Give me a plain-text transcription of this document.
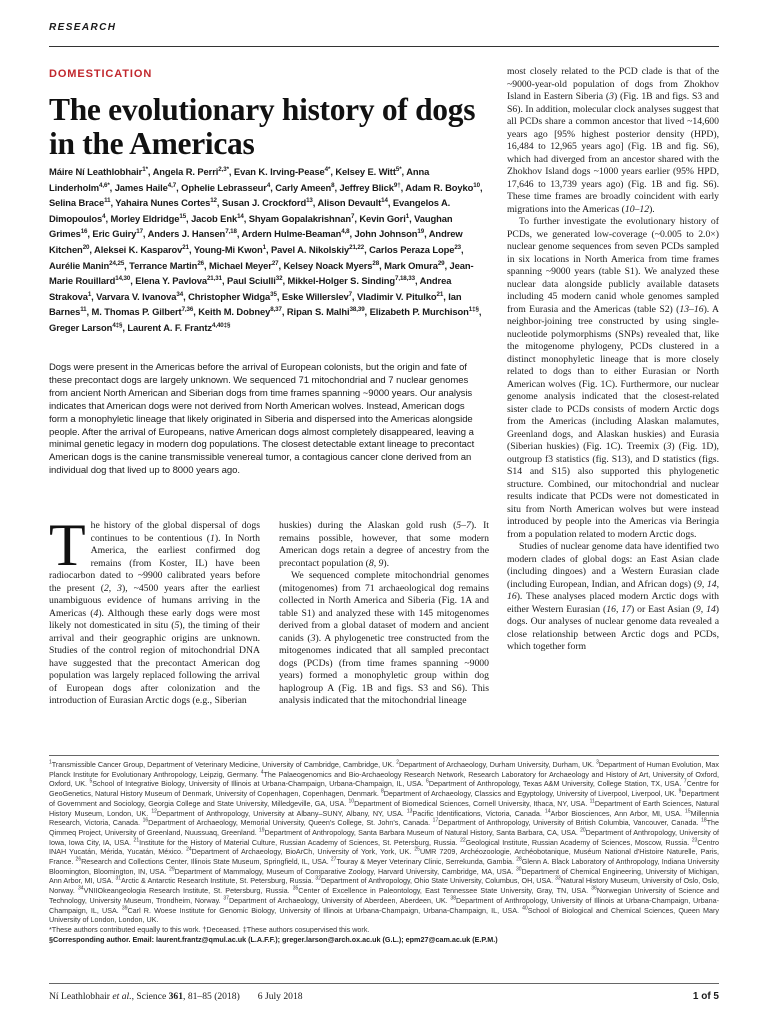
RESEARCH
DOMESTICATION
The evolutionary history of dogs in the Americas
Máire Ní Leathlobhair$^{1*}$, Angela R. Perri$^{2,3*}$, Evan K. Irving-Pease$^{4*}$, Kelsey E. Witt$^{5*}$, Anna Linderholm$^{4,6*}$, James Haile$^{4,7}$, Ophelie Lebrasseur$^4$, Carly Ameen$^8$, Jeffrey Blick$^{9\dagger}$, Adam R. Boyko$^{10}$, Selina Brace$^{11}$, Yahaira Nunes Cortes$^{12}$, Susan J. Crockford$^{13}$, Alison Devault$^{14}$, Evangelos A. Dimopoulos$^4$, Morley Eldridge$^{15}$, Jacob Enk$^{14}$, Shyam Gopalakrishnan$^7$, Kevin Gori$^1$, Vaughan Grimes$^{16}$, Eric Guiry$^{17}$, Anders J. Hansen$^{7,18}$, Ardern Hulme-Beaman$^{4,8}$, John Johnson$^{19}$, Andrew Kitchen$^{20}$, Aleksei K. Kasparov$^{21}$, Young-Mi Kwon$^1$, Pavel A. Nikolskiy$^{21,22}$, Carlos Peraza Lope$^{23}$, Aurélie Manin$^{24,25}$, Terrance Martin$^{26}$, Michael Meyer$^{27}$, Kelsey Noack Myers$^{28}$, Mark Omura$^{29}$, Jean-Marie Rouillard$^{14,30}$, Elena Y. Pavlova$^{21,31}$, Paul Sciulli$^{32}$, Mikkel-Holger S. Sinding$^{7,18,33}$, Andrea Strakova$^1$, Varvara V. Ivanova$^{34}$, Christopher Widga$^{35}$, Eske Willerslev$^7$, Vladimir V. Pitulko$^{21}$, Ian Barnes$^{11}$, M. Thomas P. Gilbert$^{7,36}$, Keith M. Dobney$^{8,37}$, Ripan S. Malhi$^{38,39}$, Elizabeth P. Murchison$^{1\ddagger\S}$, Greger Larson$^{4\ddagger\S}$, Laurent A. F. Frantz$^{4,40\ddagger\S}$

Dogs were present in the Americas before the arrival of European colonists, but the origin and fate of these precontact dogs are largely unknown. We sequenced 71 mitochondrial and 7 nuclear genomes from ancient North American and Siberian dogs from time frames spanning ~9000 years. Our analysis indicates that American dogs were not derived from North American wolves. Instead, American dogs form a monophyletic lineage that likely originated in Siberia and dispersed into the Americas alongside people. After the arrival of Europeans, native American dogs almost completely disappeared, leaving a minimal genetic legacy in modern dog populations. The closest detectable extant lineage to precontact American dogs is the canine transmissible venereal tumor, a contagious cancer clone derived from an individual dog that lived up to 8000 years ago.

The history of the global dispersal of dogs continues to be contentious (1). In North America, the earliest confirmed dog remains (from Koster, IL) have been radiocarbon dated to ~9900 calibrated years before the present (2, 3), ~4500 years after the earliest unambiguous evidence of humans arriving in the Americas (4). Although these early dogs were most likely not domesticated in situ (5), the timing of their arrival and their geographic origins are unknown. Studies of the control region of mitochondrial DNA have suggested that the precontact American dog population was largely replaced following the arrival of European dogs after colonization and the introduction of Eurasian Arctic dogs (e.g., Siberian

huskies) during the Alaskan gold rush (5–7). It remains possible, however, that some modern American dogs retain a degree of ancestry from the precontact population (8, 9).

We sequenced complete mitochondrial genomes (mitogenomes) from 71 archaeological dog remains collected in North America and Siberia (Fig. 1A and table S1) and analyzed these with 145 mitogenomes derived from a global dataset of modern and ancient canids (3). A phylogenetic tree constructed from the mitogenomes indicated that all sampled precontact dogs (PCDs) (from time frames spanning ~9000 years) formed a monophyletic group within dog haplogroup A (Fig. 1B and figs. S3 and S6). This analysis indicated that the mitochondrial lineage

most closely related to the PCD clade is that of the ~9000-year-old population of dogs from Zhokhov Island in Eastern Siberia (3) (Fig. 1B and figs. S3 and S6). In addition, molecular clock analyses suggest that all PCDs share a common ancestor that lived ~14,600 years ago [95% highest posterior density (HPD), 16,484 to 12,965 years ago] (Fig. 1B and fig. S6), which had diverged from an ancestor shared with the Zhokhov Island dogs ~1000 years earlier (95% HPD, 17,646 to 13,739 years ago) (Fig. 1B and fig. S6). These time frames are broadly coincident with early migrations into the Americas (10–12).

To further investigate the evolutionary history of PCDs, we generated low-coverage (~0.005 to 2.0×) nuclear genome sequences from seven PCDs sampled in six locations in North America from time frames spanning ~9000 years (table S1). We analyzed these nuclear data alongside publicly available datasets including 45 modern canid whole genomes sampled from Eurasia and the Americas (table S2) (13–16). A neighbor-joining tree constructed by using single-nucleotide polymorphisms (SNPs) revealed that, like the mitogenome phylogeny, PCDs clustered in a distinct monophyletic lineage that is more closely related to dogs than to either Eurasian or North American wolves (Fig. 1C). Furthermore, our nuclear genome analysis indicated that the closest-related sister clade to PCDs consists of modern Arctic dogs from the Americas (including Alaskan malamutes, Greenland dogs, and Alaskan huskies) and Eurasia (Siberian huskies) (Fig. 1C). Treemix (3) (Fig. 1D), outgroup f3 statistics (fig. S13), and D statistics (figs. S14 and S15) also supported this phylogenetic structure. Combined, our mitochondrial and nuclear results indicate that PCDs were not domesticated in situ from North American wolves but were instead introduced by people into the Americas via Beringia from a population related to modern Arctic dogs.

Studies of nuclear genome data have identified two modern clades of global dogs: an East Asian clade (including dingoes) and a Western Eurasian clade (including European, Indian, and African dogs) (9, 14, 16). These analyses placed modern Arctic dogs with either Western Eurasian (16, 17) or East Asian (9, 14) dogs. Our analyses of nuclear genome data revealed a close relationship between Arctic dogs and PCDs, which together form

$^1$Transmissible Cancer Group, Department of Veterinary Medicine, University of Cambridge, Cambridge, UK. $^2$Department of Archaeology, Durham University, Durham, UK. $^3$Department of Human Evolution, Max Planck Institute for Evolutionary Anthropology, Leipzig, Germany. $^4$The Palaeogenomics and Bio-Archaeology Research Network, Research Laboratory for Archaeology and History of Art, University of Oxford, Oxford, UK. $^5$School of Integrative Biology, University of Illinois at Urbana-Champaign, Urbana-Champaign, IL, USA. $^6$Department of Anthropology, Texas A&M University, College Station, TX, USA. $^7$Centre for GeoGenetics, Natural History Museum of Denmark, University of Copenhagen, Copenhagen, Denmark. $^8$Department of Archaeology, Classics and Egyptology, University of Liverpool, Liverpool, UK. $^9$Department of Government and Sociology, Georgia College and State University, Milledgeville, GA, USA. $^{10}$Department of Biomedical Sciences, Cornell University, Ithaca, NY, USA. $^{11}$Department of Earth Sciences, Natural History Museum, London, UK. $^{12}$Department of Anthropology, University at Albany–SUNY, Albany, NY, USA. $^{13}$Pacific Identifications, Victoria, Canada. $^{14}$Arbor Biosciences, Ann Arbor, MI, USA. $^{15}$Millennia Research, Victoria, Canada. $^{16}$Department of Archaeology, Memorial University, Queen's College, St. John's, Canada. $^{17}$Department of Anthropology, University of British Columbia, Vancouver, Canada. $^{18}$The Qimmeq Project, University of Greenland, Nuussuaq, Greenland. $^{19}$Department of Anthropology, Santa Barbara Museum of Natural History, Santa Barbara, CA, USA. $^{20}$Department of Anthropology, University of Iowa, Iowa City, IA, USA. $^{21}$Institute for the History of Material Culture, Russian Academy of Sciences, St. Petersburg, Russia. $^{22}$Geological Institute, Russian Academy of Sciences, Moscow, Russia. $^{23}$Centro INAH Yucatán, Mérida, Yucatán, México. $^{24}$Department of Archaeology, BioArCh, University of York, York, UK. $^{25}$UMR 7209, Archéozoologie, Archéobotanique, Muséum National d'Histoire Naturelle, Paris, France. $^{26}$Research and Collections Center, Illinois State Museum, Springfield, IL, USA. $^{27}$Touray & Meyer Veterinary Clinic, Serrekunda, Gambia. $^{28}$Glenn A. Black Laboratory of Anthropology, Indiana University Bloomington, Bloomington, IN, USA. $^{29}$Department of Mammalogy, Museum of Comparative Zoology, Harvard University, Cambridge, MA, USA. $^{30}$Department of Chemical Engineering, University of Michigan, Ann Arbor, MI, USA. $^{31}$Arctic & Antarctic Research Institute, St. Petersburg, Russia. $^{32}$Department of Anthropology, Ohio State University, Columbus, OH, USA. $^{33}$Natural History Museum, University of Oslo, Oslo, Norway. $^{34}$VNIIOkeangeologia Research Institute, St. Petersburg, Russia. $^{35}$Center of Excellence in Paleontology, East Tennessee State University, Gray, TN, USA. $^{36}$Norwegian University of Science and Technology, University Museum, Trondheim, Norway. $^{37}$Department of Archaeology, University of Aberdeen, Aberdeen, UK. $^{38}$Department of Anthropology, University of Illinois at Urbana-Champaign, Urbana-Champaign, IL, USA. $^{39}$Carl R. Woese Institute for Genomic Biology, University of Illinois at Urbana-Champaign, Urbana-Champaign, IL, USA. $^{40}$School of Biological and Chemical Sciences, Queen Mary University of London, London, UK.
*These authors contributed equally to this work. †Deceased. ‡These authors cosupervised this work.
§Corresponding author. Email: laurent.frantz@qmul.ac.uk (L.A.F.F.); greger.larson@arch.ox.ac.uk (G.L.); epm27@cam.ac.uk (E.P.M.)
Ní Leathlobhair et al., Science 361, 81–85 (2018) 6 July 2018	1 of 5
